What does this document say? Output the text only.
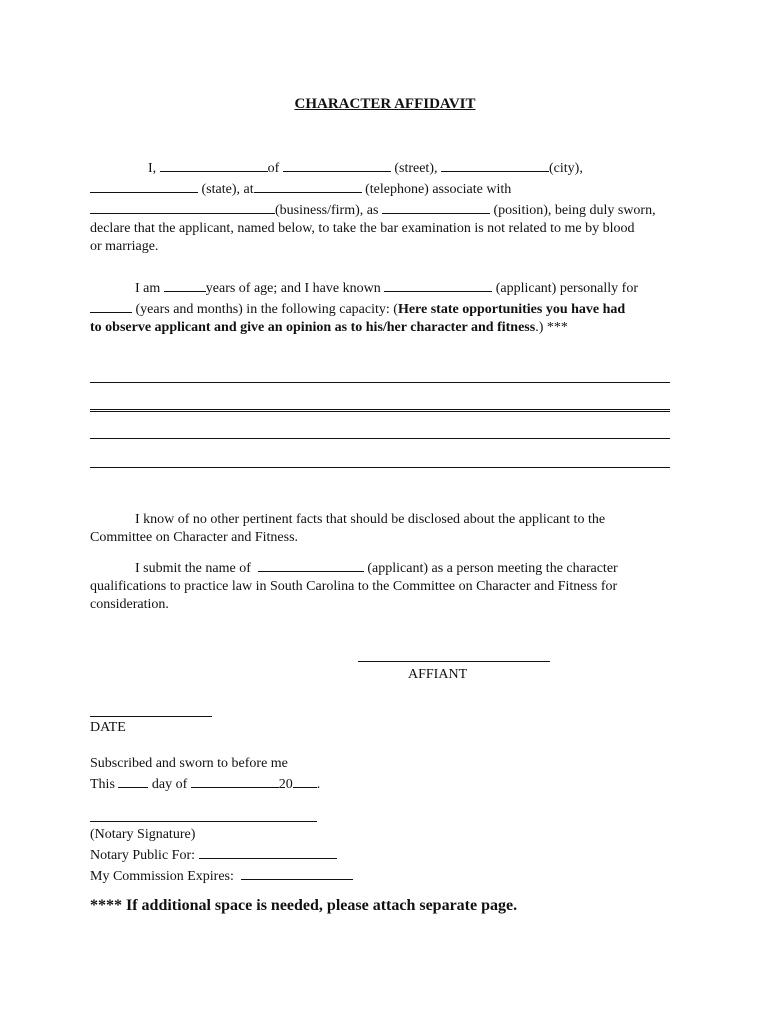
CHARACTER AFFIDAVIT
I,	of	(street),	(city),
(state), at	(telephone) associate with
(business/firm), as	(position), being duly sworn,
declare that the applicant, named below, to take the bar examination is not related to me by blood
or marriage.
I am	years of age; and I have known	(applicant) personally for
(years and months) in the following capacity: (Here state opportunities you have had
to observe applicant and give an opinion as to his/her character and fitness.) ***
I know of no other pertinent facts that should be disclosed about the applicant to the
Committee on Character and Fitness.
I submit the name of	(applicant) as a person meeting the character
qualifications to practice law in South Carolina to the Committee on Character and Fitness for
consideration.
AFFIANT
DATE
Subscribed and sworn to before me
This	day of	20 .
(Notary Signature)
Notary Public For:
My Commission Expires:
**** If additional space is needed, please attach separate page.
